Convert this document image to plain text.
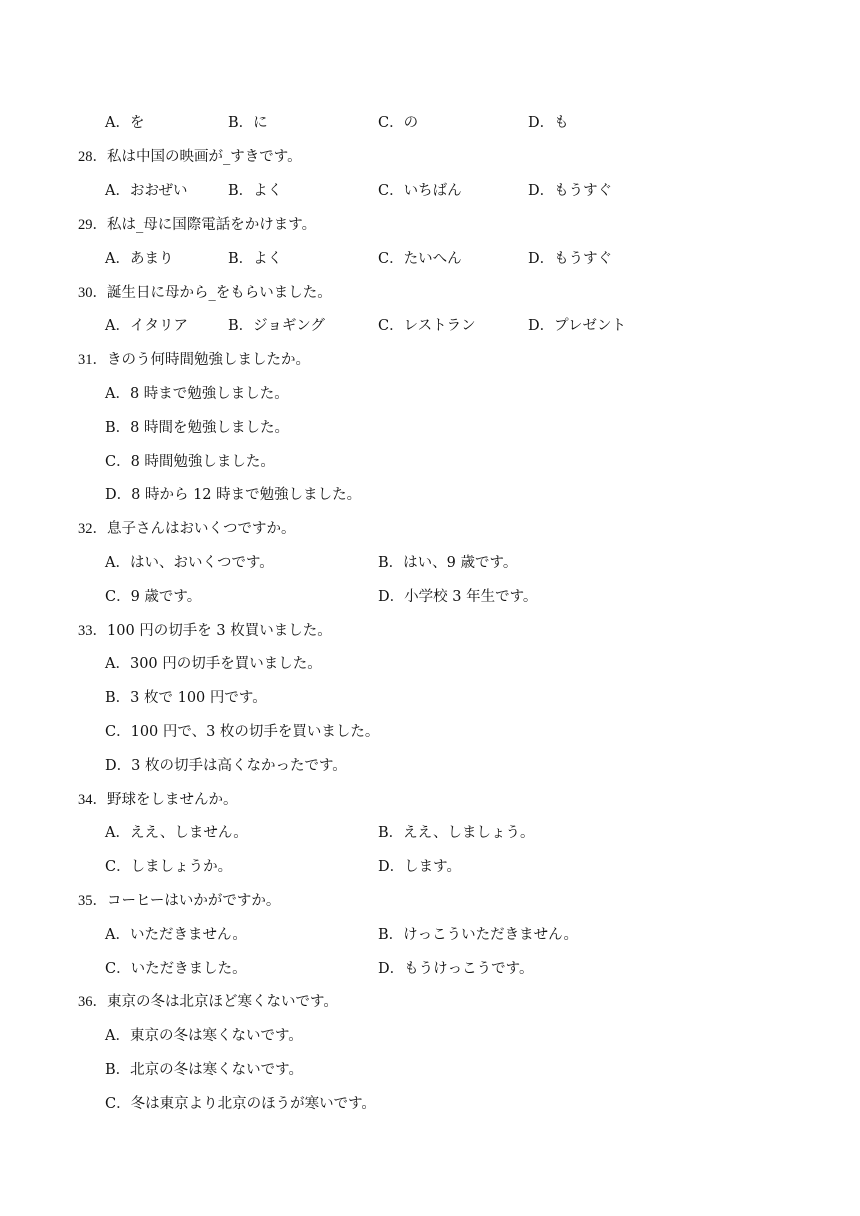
A．を	B．に	C．の	D．も
28．私は中国の映画が_すきです。
A．おおぜい	B．よく	C．いちばん	D．もうすぐ
29．私は_母に国際電話をかけます。
A．あまり	B．よく	C．たいへん	D．もうすぐ
30．誕生日に母から_をもらいました。
A．イタリア	B．ジョギング	C．レストラン	D．プレゼント
31．きのう何時間勉強しましたか。
A．8 時まで勉強しました。
B．8 時間を勉強しました。
C．8 時間勉強しました。
D．8 時から 12 時まで勉強しました。
32．息子さんはおいくつですか。
A．はい、おいくつです。	B．はい、9 歳です。
C．9 歳です。	D．小学校 3 年生です。
33．100 円の切手を 3 枚買いました。
A．300 円の切手を買いました。
B．3 枚で 100 円です。
C．100 円で、3 枚の切手を買いました。
D．3 枚の切手は高くなかったです。
34．野球をしませんか。
A．ええ、しません。	B．ええ、しましょう。
C．しましょうか。	D．します。
35．コーヒーはいかがですか。
A．いただきません。	B．けっこういただきません。
C．いただきました。	D．もうけっこうです。
36．東京の冬は北京ほど寒くないです。
A．東京の冬は寒くないです。
B．北京の冬は寒くないです。
C．冬は東京より北京のほうが寒いです。
